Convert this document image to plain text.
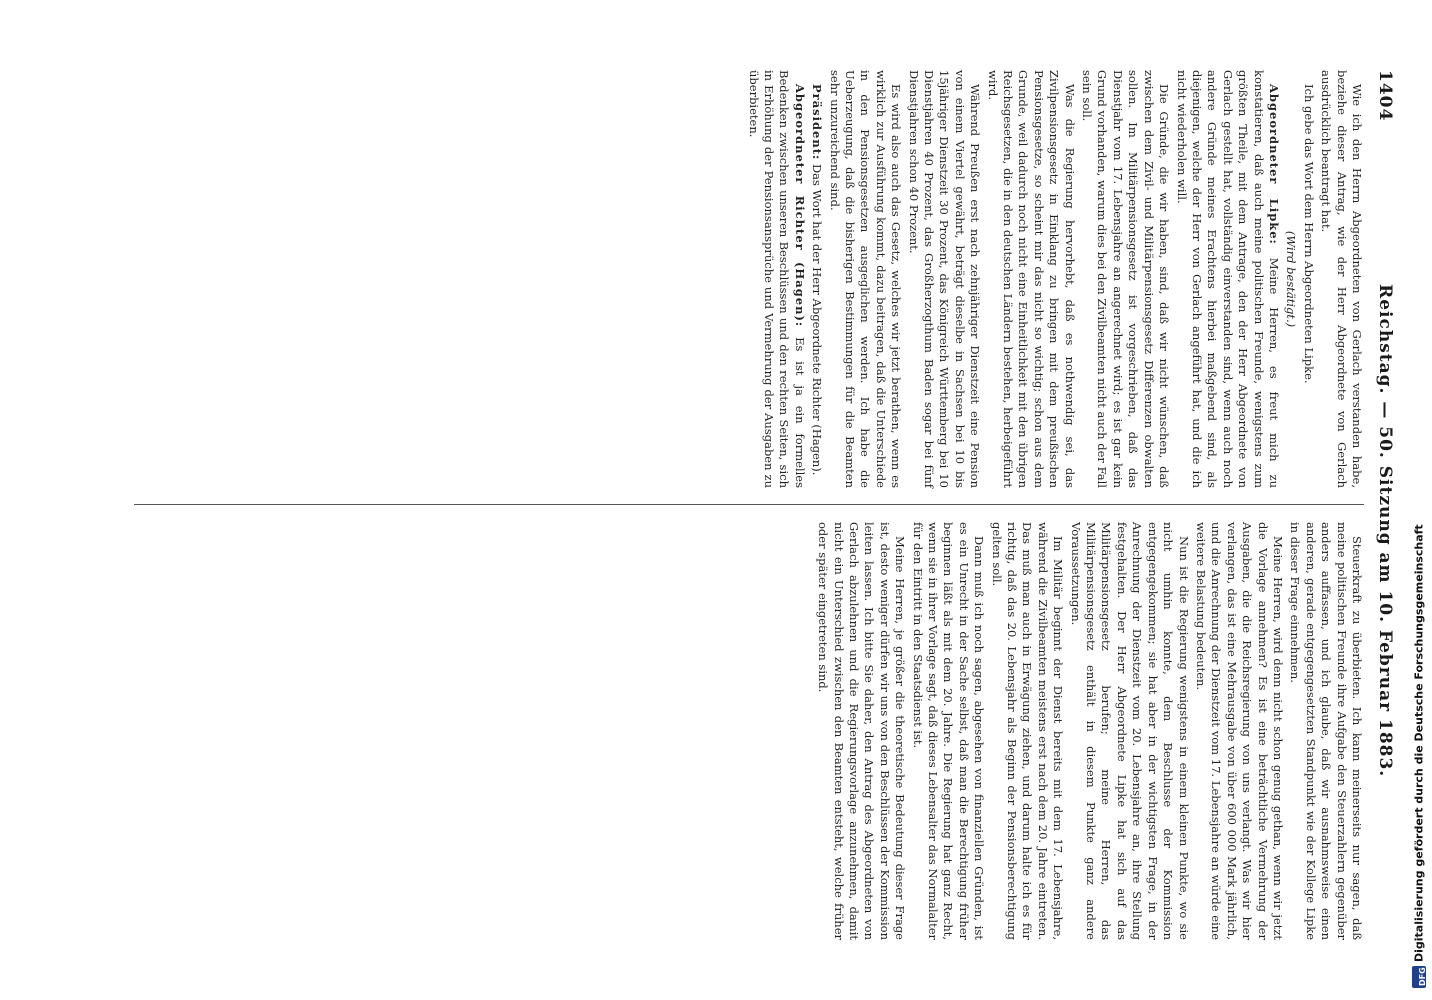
1404
Reichstag. — 50. Sitzung am 10. Februar 1883.

Wie ich den Herrn Abgeordneten von Gerlach verstanden habe, beziehe dieser Antrag, wie der Herr Abgeordnete von Gerlach ausdrücklich beantragt hat.

Ich gebe das Wort dem Herrn Abgeordneten Lipke.

(Wird bestätigt.)

Abgeordneter Lipke: Meine Herren, es freut mich zu konstatieren, daß auch meine politischen Freunde, wenigstens zum größten Theile, mit dem Antrage, den der Herr Abgeordnete von Gerlach gestellt hat, vollständig einverstanden sind, wenn auch noch andere Gründe meines Erachtens hierbei maßgebend sind, als diejenigen, welche der Herr von Gerlach angeführt hat, und die ich nicht wiederholen will.

Die Gründe, die wir haben, sind, daß wir nicht wünschen, daß zwischen dem Zivil- und Militärpensionsgesetz Differenzen obwalten sollen. Im Militärpensionsgesetz ist vorgeschrieben, daß das Dienstjahr vom 17. Lebensjahre an angerechnet wird; es ist gar kein Grund vorhanden, warum dies bei den Zivilbeamten nicht auch der Fall sein soll.

Was die Regierung hervorhebt, daß es nothwendig sei, das Zivilpensionsgesetz in Einklang zu bringen mit dem preußischen Pensionsgesetze, so scheint mir das nicht so wichtig; schon aus dem Grunde, weil dadurch noch nicht eine Einheitlichkeit mit den übrigen Reichsgesetzen, die in den deutschen Ländern bestehen, herbeigeführt wird.

Während Preußen erst nach zehnjähriger Dienstzeit eine Pension von einem Viertel gewährt, beträgt dieselbe in Sachsen bei 10 bis 15jähriger Dienstzeit 30 Prozent, das Königreich Württemberg bei 10 Dienstjahren 40 Prozent, das Großherzogthum Baden sogar bei fünf Dienstjahren schon 40 Prozent.

Es wird also auch das Gesetz, welches wir jetzt berathen, wenn es wirklich zur Ausführung kommt, dazu beitragen, daß die Unterschiede in den Pensionsgesetzen ausgeglichen werden. Ich habe die Ueberzeugung, daß die bisherigen Bestimmungen für die Beamten sehr unzureichend sind.

Präsident: Das Wort hat der Herr Abgeordnete Richter (Hagen).

Abgeordneter Richter (Hagen): Es ist ja ein formelles Bedenken zwischen unseren Beschlüssen und den rechten Seiten, sich in Erhöhung der Pensionsansprüche und Vermehrung der Ausgaben zu überbieten.

Steuerkraft zu überbieten. Ich kann meinerseits nur sagen, daß meine politischen Freunde ihre Aufgabe den Steuerzahlern gegenüber anders auffassen, und ich glaube, daß wir ausnahmsweise einen anderen, gerade entgegengesetzten Standpunkt wie der Kollege Lipke in dieser Frage einnehmen.

Meine Herren, wird denn nicht schon genug gethan, wenn wir jetzt die Vorlage annehmen? Es ist eine beträchtliche Vermehrung der Ausgaben, die die Reichsregierung von uns verlangt. Was wir hier verlangen, das ist eine Mehrausgabe von über 600 000 Mark jährlich, und die Anrechnung der Dienstzeit vom 17. Lebensjahre an würde eine weitere Belastung bedeuten.

Nun ist die Regierung wenigstens in einem kleinen Punkte, wo sie nicht umhin konnte, dem Beschlusse der Kommission entgegengekommen; sie hat aber in der wichtigsten Frage, in der Anrechnung der Dienstzeit vom 20. Lebensjahre an, ihre Stellung festgehalten. Der Herr Abgeordnete Lipke hat sich auf das Militärpensionsgesetz berufen; meine Herren, das Militärpensionsgesetz enthält in diesem Punkte ganz andere Voraussetzungen.

Im Militär beginnt der Dienst bereits mit dem 17. Lebensjahre, während die Zivilbeamten meistens erst nach dem 20. Jahre eintreten. Das muß man auch in Erwägung ziehen, und darum halte ich es für richtig, daß das 20. Lebensjahr als Beginn der Pensionsberechtigung gelten soll.

Dann muß ich noch sagen, abgesehen von finanziellen Gründen, ist es ein Unrecht in der Sache selbst, daß man die Berechtigung früher beginnen läßt als mit dem 20. Jahre. Die Regierung hat ganz Recht, wenn sie in ihrer Vorlage sagt, daß dieses Lebensalter das Normalalter für den Eintritt in den Staatsdienst ist.

Meine Herren, je größer die theoretische Bedeutung dieser Frage ist, desto weniger dürfen wir uns von den Beschlüssen der Kommission leiten lassen. Ich bitte Sie daher, den Antrag des Abgeordneten von Gerlach abzulehnen und die Regierungsvorlage anzunehmen, damit nicht ein Unterschied zwischen den Beamten entsteht, welche früher oder später eingetreten sind.

DFG
Digitalisierung gefördert durch die Deutsche Forschungsgemeinschaft
